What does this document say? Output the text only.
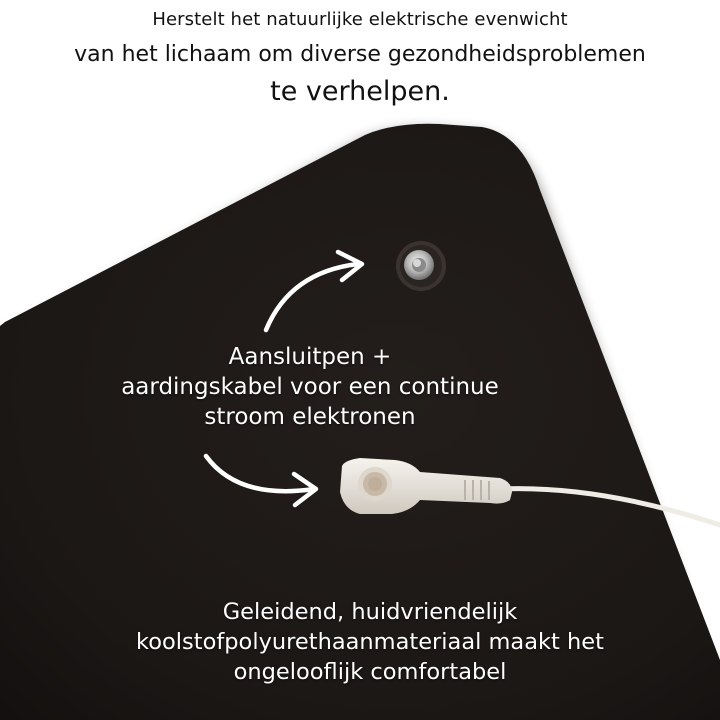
Herstelt het natuurlijke elektrische evenwicht
van het lichaam om diverse gezondheidsproblemen
te verhelpen.
Aansluitpen +
aardingskabel voor een continue
stroom elektronen
Geleidend, huidvriendelijk
koolstofpolyurethaanmateriaal maakt het
ongelooflijk comfortabel
